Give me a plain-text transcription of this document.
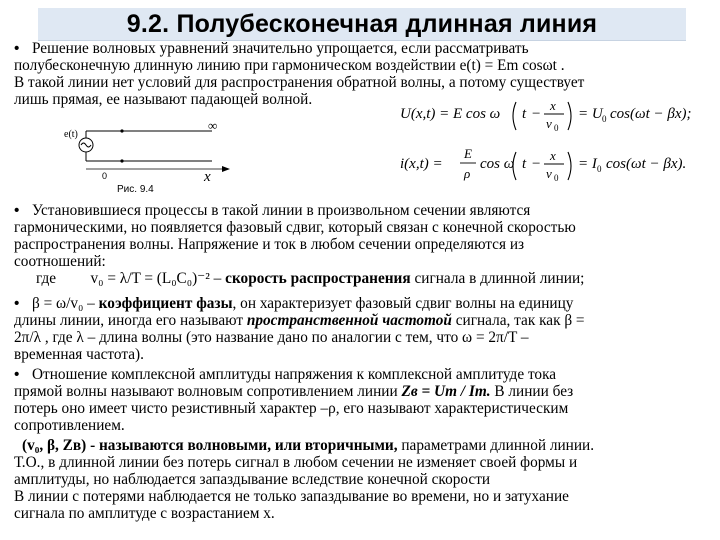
9.2. Полубесконечная длинная линия

• Решение волновых уравнений значительно упрощается, если рассматривать

полубесконечную длинную линию при гармоническом воздействии e(t) = Em cosωt .

В такой линии нет условий для распространения обратной волны, а потому существует

лишь прямая, ее называют падающей волной.

e(t)
∞
0	x
Рис. 9.4
U(x,t) = E cos ω t −
x
v 0
= U 0 cos(ωt − βx);
i(x,t) =
E
ρ
cos ω t −
x
v 0
= I 0 cos(ωt − βx).

• Установившиеся процессы в такой линии в произвольном сечении являются

гармоническими, но появляется фазовый сдвиг, который связан с конечной скоростью

распространения волны. Напряжение и ток в любом сечении определяются из

соотношений:

где v₀ = λ/T = (L₀C₀)⁻² – скорость распространения сигнала в длинной линии;

• β = ω/v₀ – коэффициент фазы, он характеризует фазовый сдвиг волны на единицу

длины линии, иногда его называют пространственной частотой сигнала, так как β =

2π/λ , где λ – длина волны (это название дано по аналогии с тем, что ω = 2π/T –

временная частота).

• Отношение комплексной амплитуды напряжения к комплексной амплитуде тока

прямой волны называют волновым сопротивлением линии Zв = Um / Im. В линии без

потерь оно имеет чисто резистивный характер –ρ, его называют характеристическим

сопротивлением.

(v₀, β, Zв) - называются волновыми, или вторичными, параметрами длинной линии.

Т.О., в длинной линии без потерь сигнал в любом сечении не изменяет своей формы и

амплитуды, но наблюдается запаздывание вследствие конечной скорости

В линии с потерями наблюдается не только запаздывание во времени, но и затухание

сигнала по амплитуде с возрастанием x.
